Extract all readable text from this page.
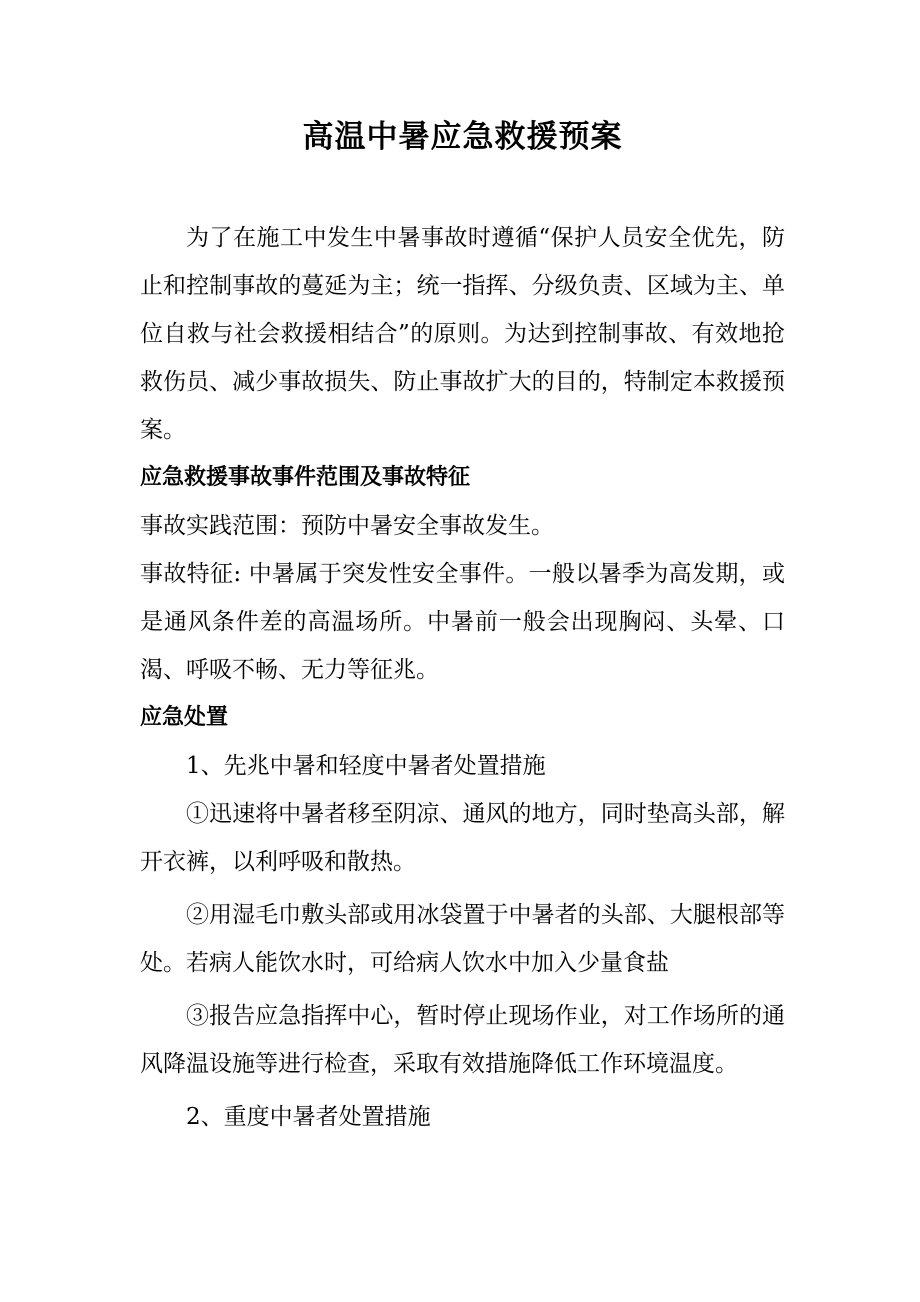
高温中暑应急救援预案

为了在施工中发生中暑事故时遵循“保护人员安全优先，防止和控制事故的蔓延为主；统一指挥、分级负责、区域为主、单位自救与社会救援相结合”的原则。为达到控制事故、有效地抢救伤员、减少事故损失、防止事故扩大的目的，特制定本救援预案。

应急救援事故事件范围及事故特征

事故实践范围：预防中暑安全事故发生。

事故特征: 中暑属于突发性安全事件。一般以暑季为高发期，或是通风条件差的高温场所。中暑前一般会出现胸闷、头晕、口渴、呼吸不畅、无力等征兆。

应急处置

1、先兆中暑和轻度中暑者处置措施

①迅速将中暑者移至阴凉、通风的地方，同时垫高头部，解开衣裤，以利呼吸和散热。

②用湿毛巾敷头部或用冰袋置于中暑者的头部、大腿根部等处。若病人能饮水时，可给病人饮水中加入少量食盐

③报告应急指挥中心，暂时停止现场作业，对工作场所的通风降温设施等进行检查，采取有效措施降低工作环境温度。

2、重度中暑者处置措施
